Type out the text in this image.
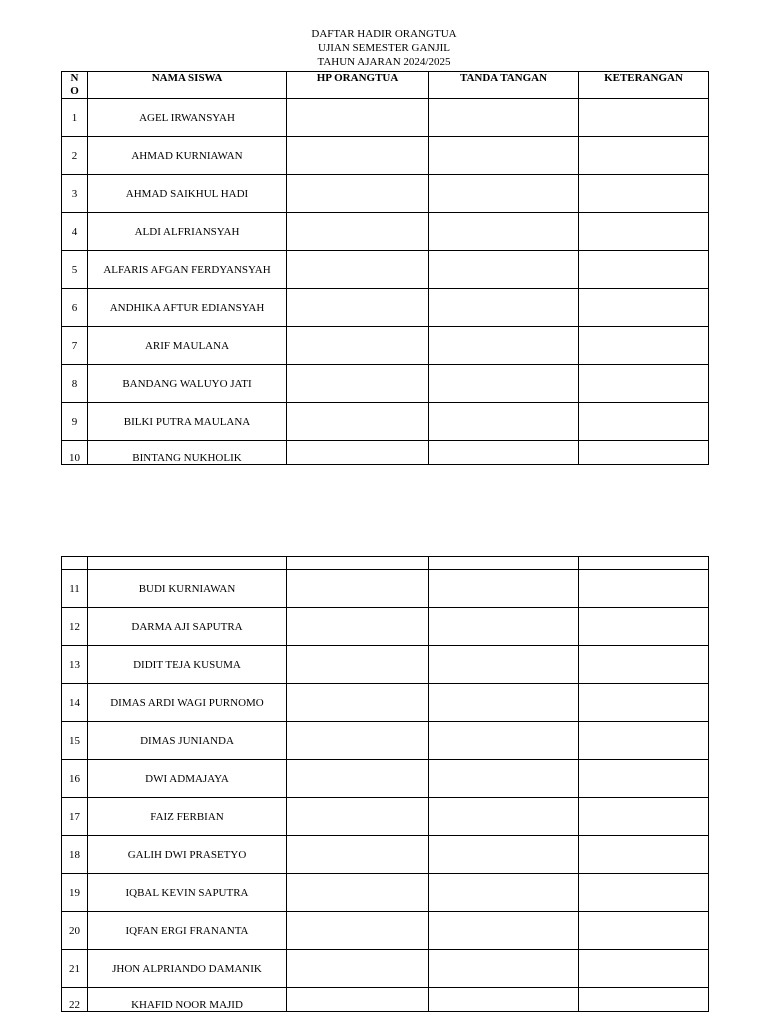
DAFTAR HADIR ORANGTUA
UJIAN SEMESTER GANJIL
TAHUN AJARAN 2024/2025
N
O	NAMA SISWA	HP ORANGTUA	TANDA TANGAN	KETERANGAN
1	AGEL IRWANSYAH			
2	AHMAD KURNIAWAN			
3	AHMAD SAIKHUL HADI			
4	ALDI ALFRIANSYAH			
5	ALFARIS AFGAN FERDYANSYAH			
6	ANDHIKA AFTUR EDIANSYAH			
7	ARIF MAULANA			
8	BANDANG WALUYO JATI			
9	BILKI PUTRA MAULANA			
10	BINTANG NUKHOLIK			

11	BUDI KURNIAWAN			
12	DARMA AJI SAPUTRA			
13	DIDIT TEJA KUSUMA			
14	DIMAS ARDI WAGI PURNOMO			
15	DIMAS JUNIANDA			
16	DWI ADMAJAYA			
17	FAIZ FERBIAN			
18	GALIH DWI PRASETYO			
19	IQBAL KEVIN SAPUTRA			
20	IQFAN ERGI FRANANTA			
21	JHON ALPRIANDO DAMANIK			
22	KHAFID NOOR MAJID			
